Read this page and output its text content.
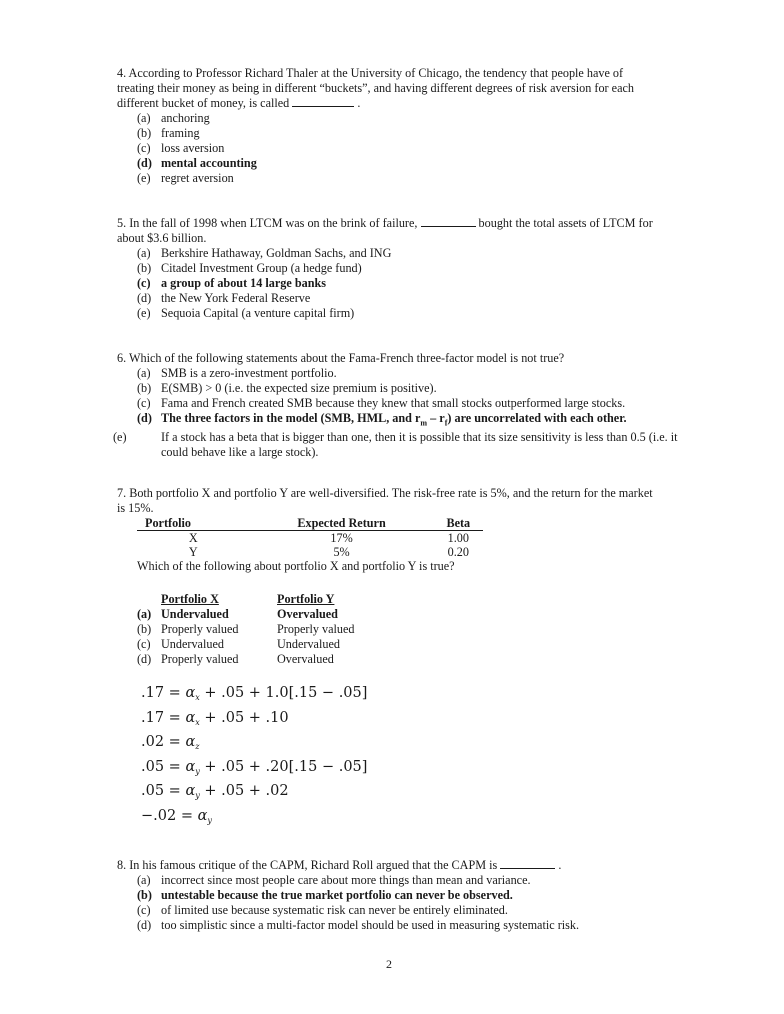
4. According to Professor Richard Thaler at the University of Chicago, the tendency that people have of treating their money as being in different “buckets”, and having different degrees of risk aversion for each different bucket of money, is called	.

(a) anchoring
(b) framing
(c) loss aversion
(d) mental accounting
(e) regret aversion

5. In the fall of 1998 when LTCM was on the brink of failure,	bought the total assets of LTCM for about $3.6 billion.

(a) Berkshire Hathaway, Goldman Sachs, and ING
(b) Citadel Investment Group (a hedge fund)
(c) a group of about 14 large banks
(d) the New York Federal Reserve
(e) Sequoia Capital (a venture capital firm)

6. Which of the following statements about the Fama-French three-factor model is not true?

(a) SMB is a zero-investment portfolio.
(b) E(SMB) > 0 (i.e. the expected size premium is positive).
(c) Fama and French created SMB because they knew that small stocks outperformed large stocks.
(d) The three factors in the model (SMB, HML, and $r_m - r_f$) are uncorrelated with each other.
(e)	If a stock has a beta that is bigger than one, then it is possible that its size sensitivity is less than 0.5 (i.e. it could behave like a large stock).

7. Both portfolio X and portfolio Y are well-diversified. The risk-free rate is 5%, and the return for the market is 15%.

Portfolio	Expected Return	Beta
X	17%	1.00
Y	5%	0.20

Which of the following about portfolio X and portfolio Y is true?

Portfolio X	Portfolio Y
(a) Undervalued	Overvalued
(b) Properly valued	Properly valued
(c) Undervalued	Undervalued
(d) Properly valued	Overvalued
$.17 = \alpha_x + .05 + 1.0[.15 - .05]$
$.17 = \alpha_x + .05 + .10$
$.02 = \alpha_z$
$.05 = \alpha_y + .05 + .20[.15 - .05]$
$.05 = \alpha_y + .05 + .02$
$-.02 = \alpha_y$

8. In his famous critique of the CAPM, Richard Roll argued that the CAPM is	.

(a) incorrect since most people care about more things than mean and variance.
(b) untestable because the true market portfolio can never be observed.
(c) of limited use because systematic risk can never be entirely eliminated.
(d) too simplistic since a multi-factor model should be used in measuring systematic risk.
2
